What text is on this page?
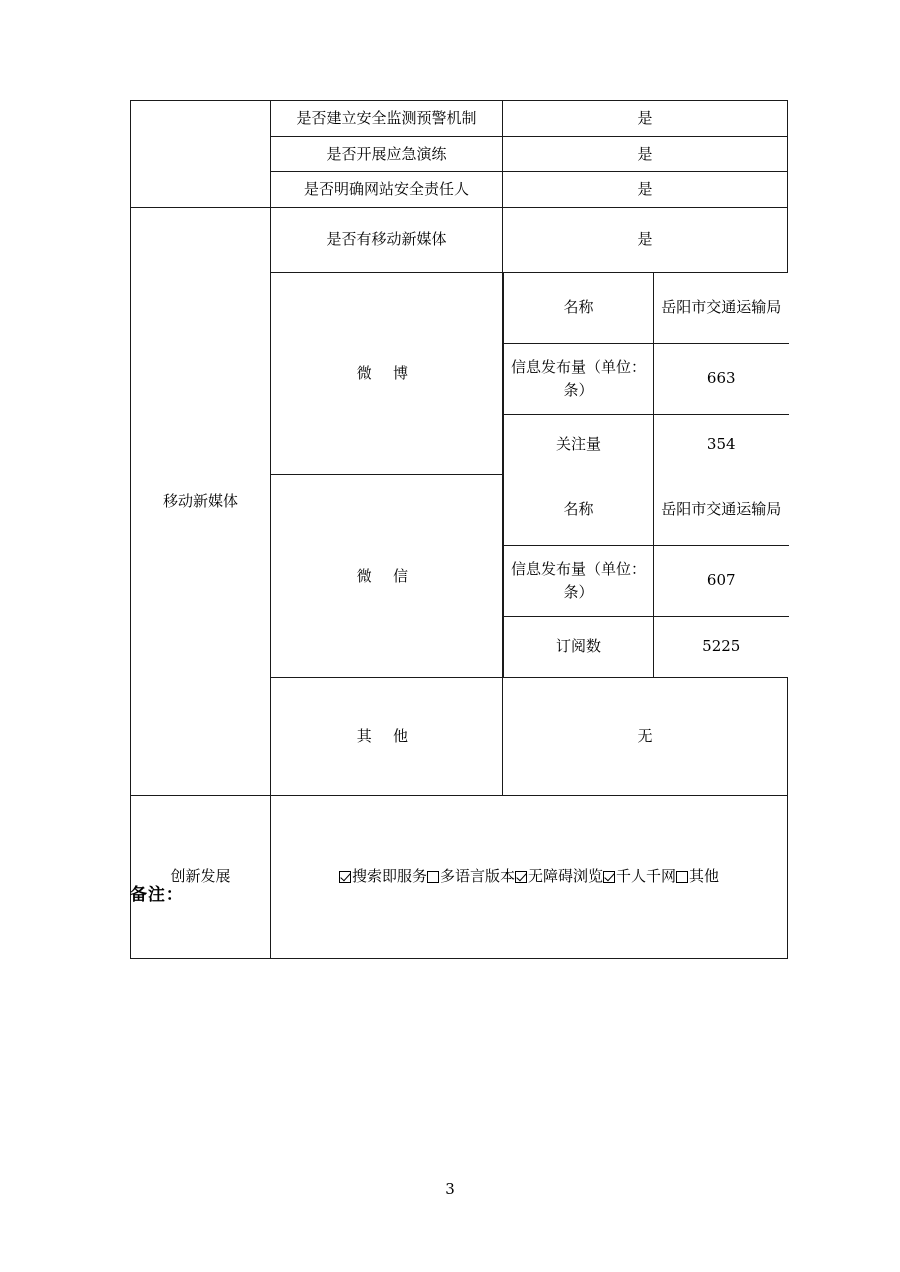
	是否建立安全监测预警机制	是
是否开展应急演练	是
是否明确网站安全责任人	是
移动新媒体	是否有移动新媒体	是
微 博	
名称	岳阳市交通运输局
信息发布量（单位：条）	663
关注量	354

微 信	
名称	岳阳市交通运输局
信息发布量（单位：条）	607
订阅数	5225

其 他	无
创新发展	搜索即服务 多语言版本 无障碍浏览 千人千网 其他
备注：
3
